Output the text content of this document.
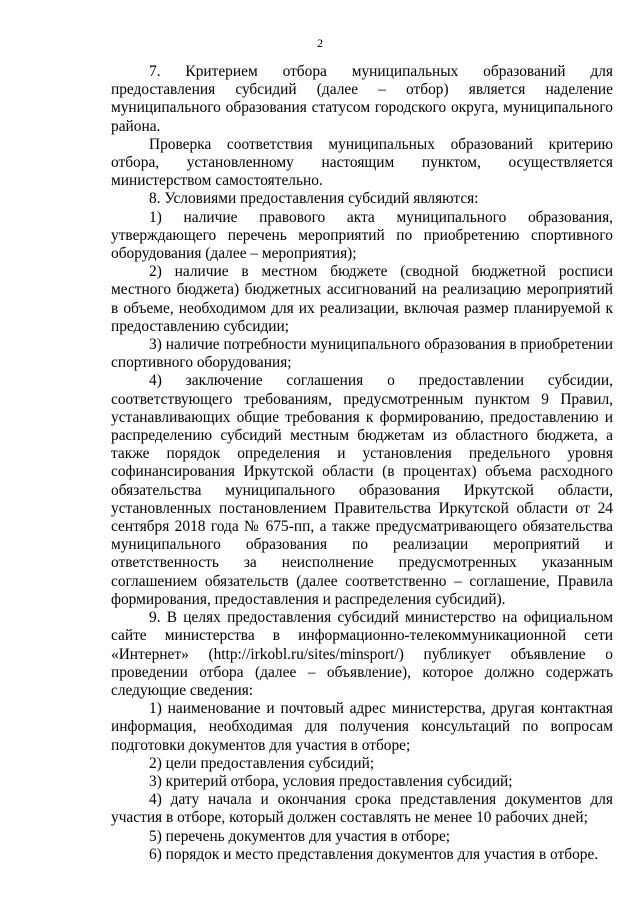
2

7. Критерием отбора муниципальных образований для предоставления субсидий (далее – отбор) является наделение муниципального образования статусом городского округа, муниципального района.

Проверка соответствия муниципальных образований критерию отбора, установленному настоящим пунктом, осуществляется министерством самостоятельно.

8. Условиями предоставления субсидий являются:

1) наличие правового акта муниципального образования, утверждающего перечень мероприятий по приобретению спортивного оборудования (далее – мероприятия);

2) наличие в местном бюджете (сводной бюджетной росписи местного бюджета) бюджетных ассигнований на реализацию мероприятий в объеме, необходимом для их реализации, включая размер планируемой к предоставлению субсидии;

3) наличие потребности муниципального образования в приобретении спортивного оборудования;

4) заключение соглашения о предоставлении субсидии, соответствующего требованиям, предусмотренным пунктом 9 Правил, устанавливающих общие требования к формированию, предоставлению и распределению субсидий местным бюджетам из областного бюджета, а также порядок определения и установления предельного уровня софинансирования Иркутской области (в процентах) объема расходного обязательства муниципального образования Иркутской области, установленных постановлением Правительства Иркутской области от 24 сентября 2018 года № 675-пп, а также предусматривающего обязательства муниципального образования по реализации мероприятий и ответственность за неисполнение предусмотренных указанным соглашением обязательств (далее соответственно – соглашение, Правила формирования, предоставления и распределения субсидий).

9. В целях предоставления субсидий министерство на официальном сайте министерства в информационно-телекоммуникационной сети «Интернет» (http://irkobl.ru/sites/minsport/) публикует объявление о проведении отбора (далее – объявление), которое должно содержать следующие сведения:

1) наименование и почтовый адрес министерства, другая контактная информация, необходимая для получения консультаций по вопросам подготовки документов для участия в отборе;

2) цели предоставления субсидий;

3) критерий отбора, условия предоставления субсидий;

4) дату начала и окончания срока представления документов для участия в отборе, который должен составлять не менее 10 рабочих дней;

5) перечень документов для участия в отборе;

6) порядок и место представления документов для участия в отборе.
